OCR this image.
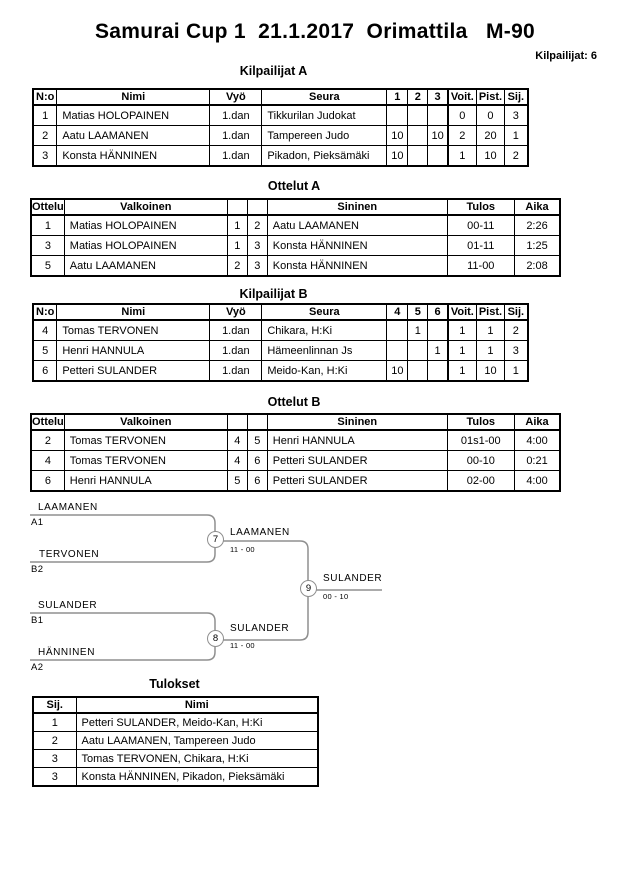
Samurai Cup 1  21.1.2017  Orimattila   M-90
Kilpailijat: 6
Kilpailijat A
N:o	Nimi	Vyö	Seura	1	2	3	Voit.	Pist.	Sij.
1	Matias HOLOPAINEN	1.dan	Tikkurilan Judokat				0	0	3
2	Aatu LAAMANEN	1.dan	Tampereen Judo	10		10	2	20	1
3	Konsta HÄNNINEN	1.dan	Pikadon, Pieksämäki	10			1	10	2
Ottelut A
Ottelu	Valkoinen			Sininen	Tulos	Aika
1	Matias HOLOPAINEN	1	2	Aatu LAAMANEN	00-11	2:26
3	Matias HOLOPAINEN	1	3	Konsta HÄNNINEN	01-11	1:25
5	Aatu LAAMANEN	2	3	Konsta HÄNNINEN	11-00	2:08
Kilpailijat B
N:o	Nimi	Vyö	Seura	4	5	6	Voit.	Pist.	Sij.
4	Tomas TERVONEN	1.dan	Chikara, H:Ki		1		1	1	2
5	Henri HANNULA	1.dan	Hämeenlinnan Js			1	1	1	3
6	Petteri SULANDER	1.dan	Meido-Kan, H:Ki	10			1	10	1
Ottelut B
Ottelu	Valkoinen			Sininen	Tulos	Aika
2	Tomas TERVONEN	4	5	Henri HANNULA	01s1-00	4:00
4	Tomas TERVONEN	4	6	Petteri SULANDER	00-10	0:21
6	Henri HANNULA	5	6	Petteri SULANDER	02-00	4:00
LAAMANEN
A1
TERVONEN
B2
SULANDER
B1
HÄNNINEN
A2
7
LAAMANEN
11 - 00
8
SULANDER
11 - 00
9
SULANDER
00 - 10
Tulokset
Sij.	Nimi
1	Petteri SULANDER, Meido-Kan, H:Ki
2	Aatu LAAMANEN, Tampereen Judo
3	Tomas TERVONEN, Chikara, H:Ki
3	Konsta HÄNNINEN, Pikadon, Pieksämäki
